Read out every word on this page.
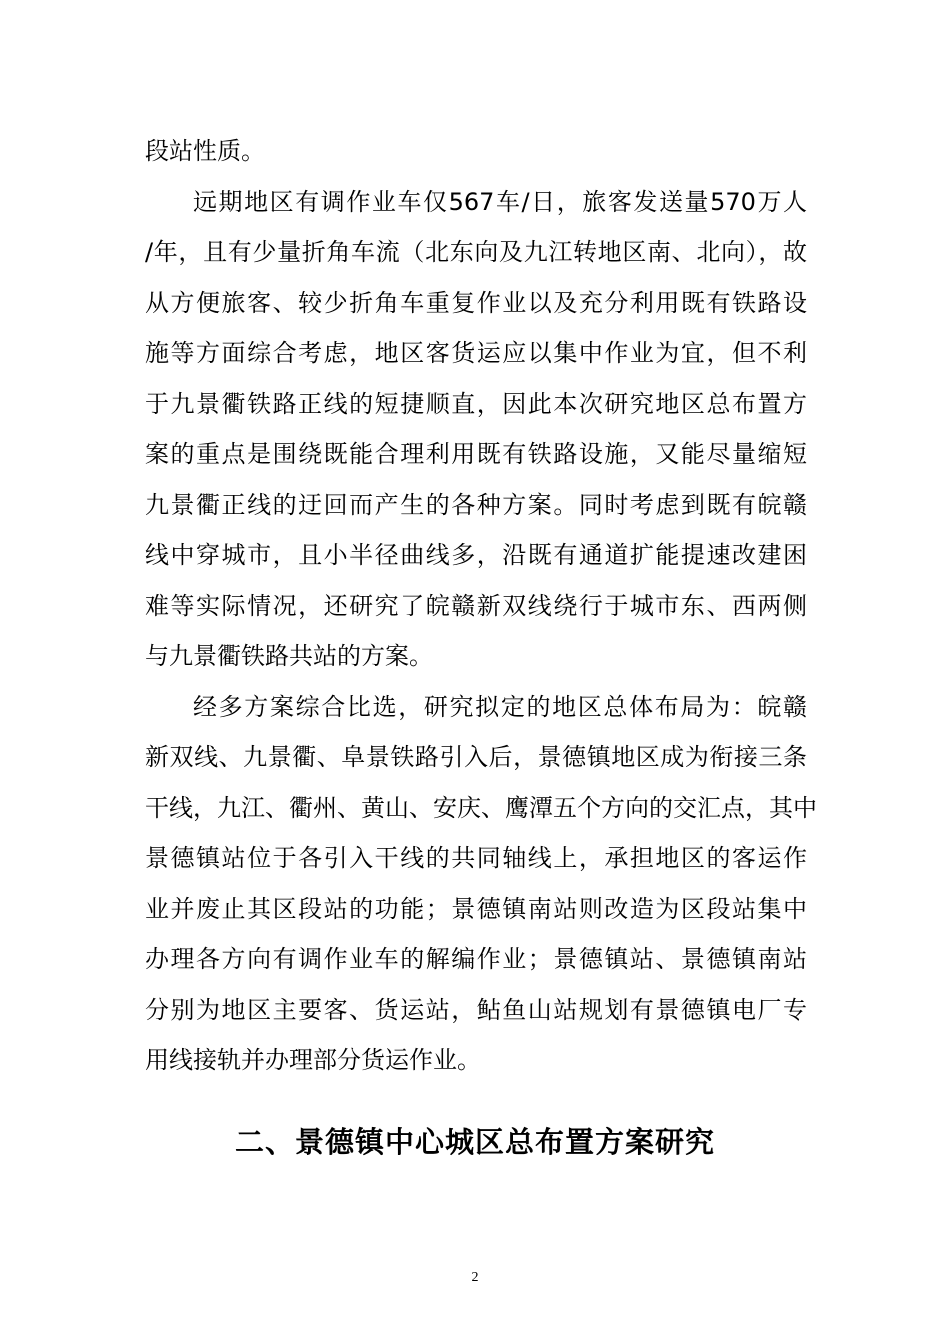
段站性质。
远期地区有调作业车仅567车/日，旅客发送量570万人
/年，且有少量折角车流（北东向及九江转地区南、北向），故
从方便旅客、较少折角车重复作业以及充分利用既有铁路设
施等方面综合考虑，地区客货运应以集中作业为宜，但不利
于九景衢铁路正线的短捷顺直，因此本次研究地区总布置方
案的重点是围绕既能合理利用既有铁路设施，又能尽量缩短
九景衢正线的迂回而产生的各种方案。同时考虑到既有皖赣
线中穿城市，且小半径曲线多，沿既有通道扩能提速改建困
难等实际情况，还研究了皖赣新双线绕行于城市东、西两侧
与九景衢铁路共站的方案。
经多方案综合比选，研究拟定的地区总体布局为：皖赣
新双线、九景衢、阜景铁路引入后，景德镇地区成为衔接三条
干线，九江、衢州、黄山、安庆、鹰潭五个方向的交汇点，其中
景德镇站位于各引入干线的共同轴线上，承担地区的客运作
业并废止其区段站的功能；景德镇南站则改造为区段站集中
办理各方向有调作业车的解编作业；景德镇站、景德镇南站
分别为地区主要客、货运站，鲇鱼山站规划有景德镇电厂专
用线接轨并办理部分货运作业。
二、景德镇中心城区总布置方案研究
2
